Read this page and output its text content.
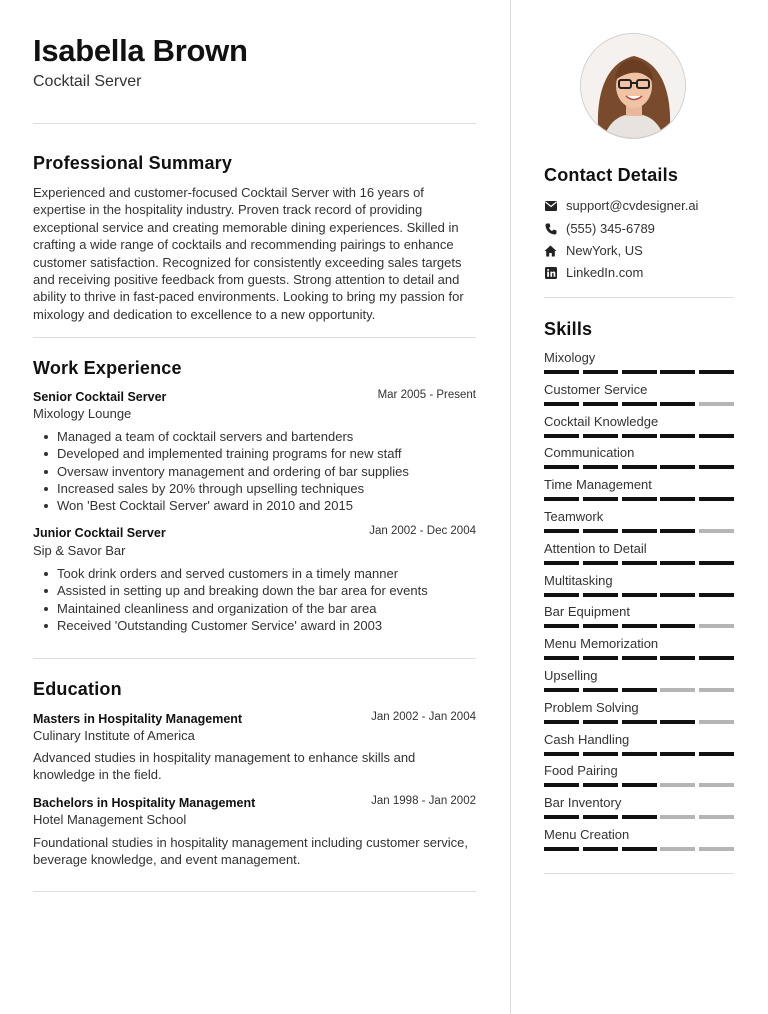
Isabella Brown
Cocktail Server
Professional Summary
Experienced and customer-focused Cocktail Server with 16 years of expertise in the hospitality industry. Proven track record of providing exceptional service and creating memorable dining experiences. Skilled in crafting a wide range of cocktails and recommending pairings to enhance customer satisfaction. Recognized for consistently exceeding sales targets and receiving positive feedback from guests. Strong attention to detail and ability to thrive in fast-paced environments. Looking to bring my passion for mixology and dedication to excellence to a new opportunity.
Work Experience
Senior Cocktail Server	Mar 2005 - Present
Mixology Lounge
Managed a team of cocktail servers and bartenders
Developed and implemented training programs for new staff
Oversaw inventory management and ordering of bar supplies
Increased sales by 20% through upselling techniques
Won 'Best Cocktail Server' award in 2010 and 2015
Junior Cocktail Server	Jan 2002 - Dec 2004
Sip & Savor Bar
Took drink orders and served customers in a timely manner
Assisted in setting up and breaking down the bar area for events
Maintained cleanliness and organization of the bar area
Received 'Outstanding Customer Service' award in 2003
Education
Masters in Hospitality Management	Jan 2002 - Jan 2004
Culinary Institute of America
Advanced studies in hospitality management to enhance skills and knowledge in the field.
Bachelors in Hospitality Management	Jan 1998 - Jan 2002
Hotel Management School
Foundational studies in hospitality management including customer service, beverage knowledge, and event management.
Contact Details
support@cvdesigner.ai
(555) 345-6789
NewYork, US
LinkedIn.com
Skills
Mixology
Customer Service
Cocktail Knowledge
Communication
Time Management
Teamwork
Attention to Detail
Multitasking
Bar Equipment
Menu Memorization
Upselling
Problem Solving
Cash Handling
Food Pairing
Bar Inventory
Menu Creation
